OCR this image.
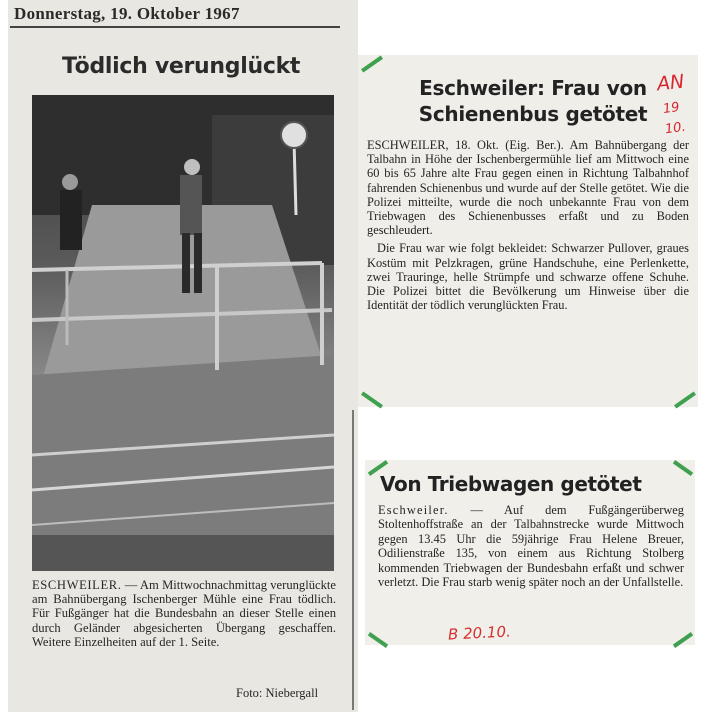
Donnerstag, 19. Oktober 1967
Tödlich verunglückt
ESCHWEILER. — Am Mittwochnachmittag verunglückte am Bahnübergang Ischenberger Mühle eine Frau tödlich. Für Fußgänger hat die Bundesbahn an dieser Stelle einen durch Geländer abgesicherten Übergang geschaffen. Weitere Einzelheiten auf der 1. Seite.
Foto: Niebergall
Eschweiler: Frau von
Schienenbus getötet
AN
19
10.

ESCHWEILER, 18. Okt. (Eig. Ber.). Am Bahnübergang der Talbahn in Höhe der Ischenbergermühle lief am Mittwoch eine 60 bis 65 Jahre alte Frau gegen einen in Richtung Talbahnhof fahrenden Schienenbus und wurde auf der Stelle getötet. Wie die Polizei mitteilte, wurde die noch unbekannte Frau von dem Triebwagen des Schienenbusses erfaßt und zu Boden geschleudert.

Die Frau war wie folgt bekleidet: Schwarzer Pullover, graues Kostüm mit Pelzkragen, grüne Handschuhe, eine Perlenkette, zwei Trauringe, helle Strümpfe und schwarze offene Schuhe. Die Polizei bittet die Bevölkerung um Hinweise über die Identität der tödlich verunglückten Frau.

Von Triebwagen getötet
Eschweiler. — Auf dem Fußgängerüberweg Stoltenhoffstraße an der Talbahnstrecke wurde Mittwoch gegen 13.45 Uhr die 59jährige Frau Helene Breuer, Odilienstraße 135, von einem aus Richtung Stolberg kommenden Triebwagen der Bundesbahn erfaßt und schwer verletzt. Die Frau starb wenig später noch an der Unfallstelle.
B 20.10.
